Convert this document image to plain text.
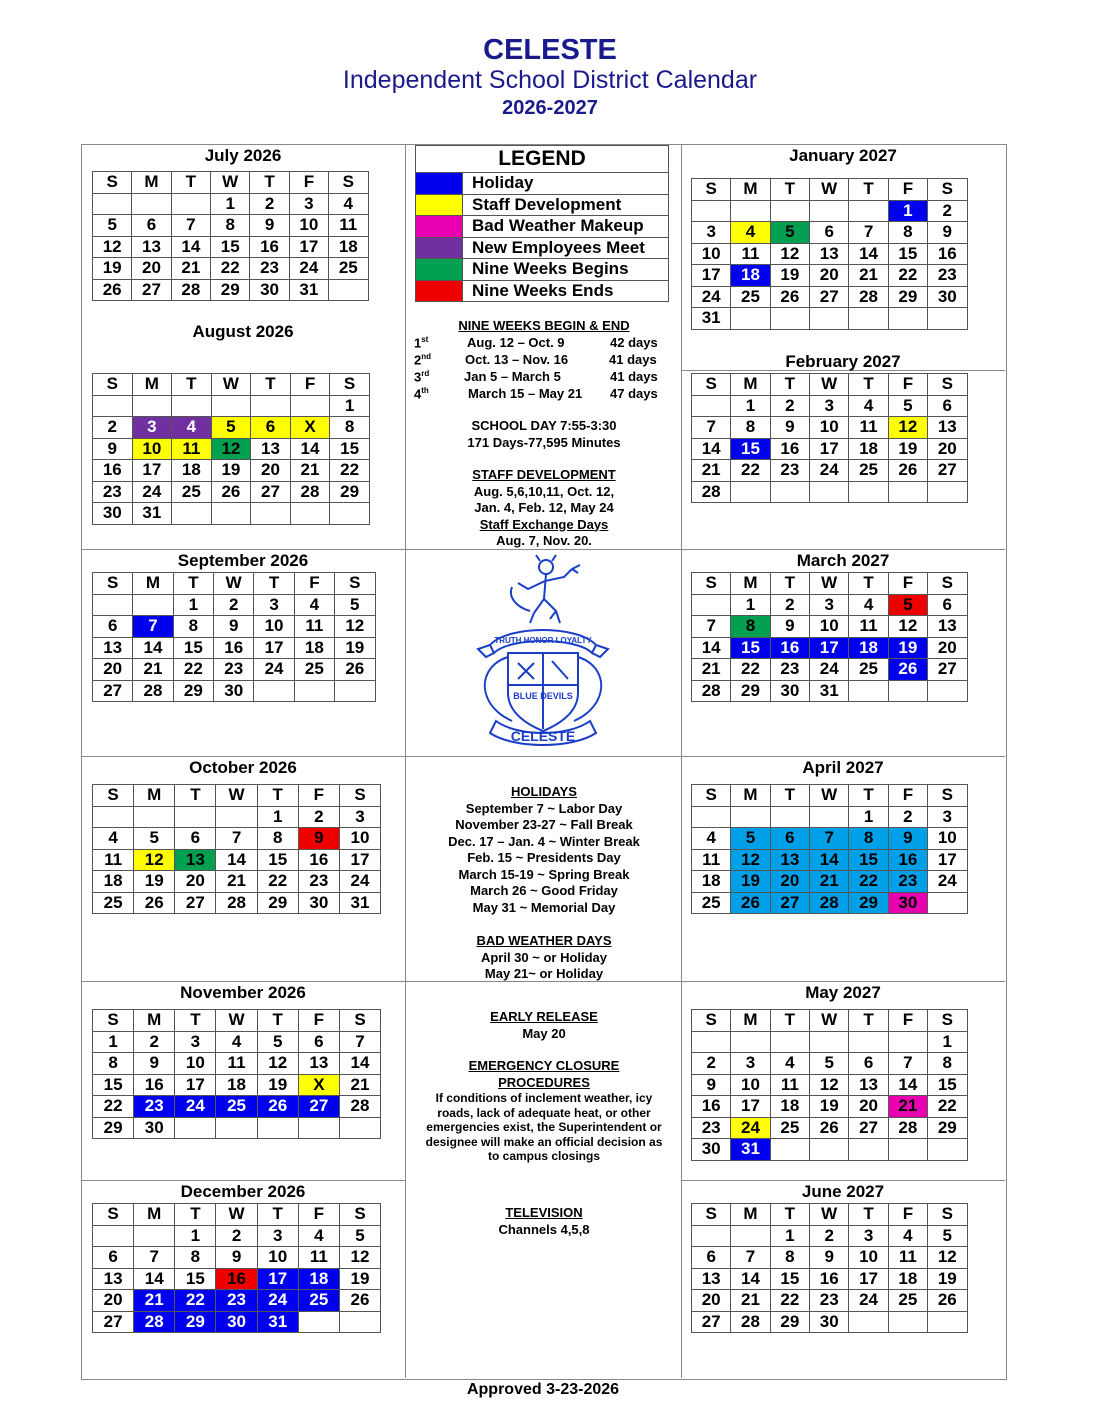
CELESTE
Independent School District Calendar
2026-2027
July 2026
S	M	T	W	T	F	S
			1	2	3	4
5	6	7	8	9	10	11
12	13	14	15	16	17	18
19	20	21	22	23	24	25
26	27	28	29	30	31	
August 2026
S	M	T	W	T	F	S
						1
2	3	4	5	6	X	8
9	10	11	12	13	14	15
16	17	18	19	20	21	22
23	24	25	26	27	28	29
30	31					
September 2026
S	M	T	W	T	F	S
		1	2	3	4	5
6	7	8	9	10	11	12
13	14	15	16	17	18	19
20	21	22	23	24	25	26
27	28	29	30			
October 2026
S	M	T	W	T	F	S
				1	2	3
4	5	6	7	8	9	10
11	12	13	14	15	16	17
18	19	20	21	22	23	24
25	26	27	28	29	30	31
November 2026
S	M	T	W	T	F	S
1	2	3	4	5	6	7
8	9	10	11	12	13	14
15	16	17	18	19	X	21
22	23	24	25	26	27	28
29	30					
December 2026
S	M	T	W	T	F	S
		1	2	3	4	5
6	7	8	9	10	11	12
13	14	15	16	17	18	19
20	21	22	23	24	25	26
27	28	29	30	31		
January 2027
S	M	T	W	T	F	S
					1	2
3	4	5	6	7	8	9
10	11	12	13	14	15	16
17	18	19	20	21	22	23
24	25	26	27	28	29	30
31						
February 2027
S	M	T	W	T	F	S
	1	2	3	4	5	6
7	8	9	10	11	12	13
14	15	16	17	18	19	20
21	22	23	24	25	26	27
28						
March 2027
S	M	T	W	T	F	S
	1	2	3	4	5	6
7	8	9	10	11	12	13
14	15	16	17	18	19	20
21	22	23	24	25	26	27
28	29	30	31			
April 2027
S	M	T	W	T	F	S
				1	2	3
4	5	6	7	8	9	10
11	12	13	14	15	16	17
18	19	20	21	22	23	24
25	26	27	28	29	30	
May 2027
S	M	T	W	T	F	S
						1
2	3	4	5	6	7	8
9	10	11	12	13	14	15
16	17	18	19	20	21	22
23	24	25	26	27	28	29
30	31					
June 2027
S	M	T	W	T	F	S
		1	2	3	4	5
6	7	8	9	10	11	12
13	14	15	16	17	18	19
20	21	22	23	24	25	26
27	28	29	30			
LEGEND	
	Holiday
	Staff Development
	Bad Weather Makeup
	New Employees Meet
	Nine Weeks Begins
	Nine Weeks Ends
NINE WEEKS BEGIN & END
1st	Aug. 12 – Oct. 9	42 days
2nd	Oct. 13 – Nov. 16	41 days
3rd	Jan 5 – March 5	41 days
4th	March 15 – May 21 47 days
SCHOOL DAY 7:55-3:30
171 Days-77,595 Minutes
STAFF DEVELOPMENT
Aug. 5,6,10,11, Oct. 12,
Jan. 4, Feb. 12, May 24
Staff Exchange Days
Aug. 7, Nov. 20.
TRUTH HONOR LOYALTY
BLUE DEVILS
CELESTE
HOLIDAYS
September 7 ~ Labor Day
November 23-27 ~ Fall Break
Dec. 17 – Jan. 4 ~ Winter Break
Feb. 15 ~ Presidents Day
March 15-19 ~ Spring Break
March 26 ~ Good Friday
May 31 ~ Memorial Day
BAD WEATHER DAYS
April 30 ~ or Holiday
May 21~ or Holiday
EARLY RELEASE
May 20
EMERGENCY CLOSURE
PROCEDURES
If conditions of inclement weather, icy
roads, lack of adequate heat, or other
emergencies exist, the Superintendent or
designee will make an official decision as
to campus closings
TELEVISION
Channels 4,5,8
Approved 3-23-2026
